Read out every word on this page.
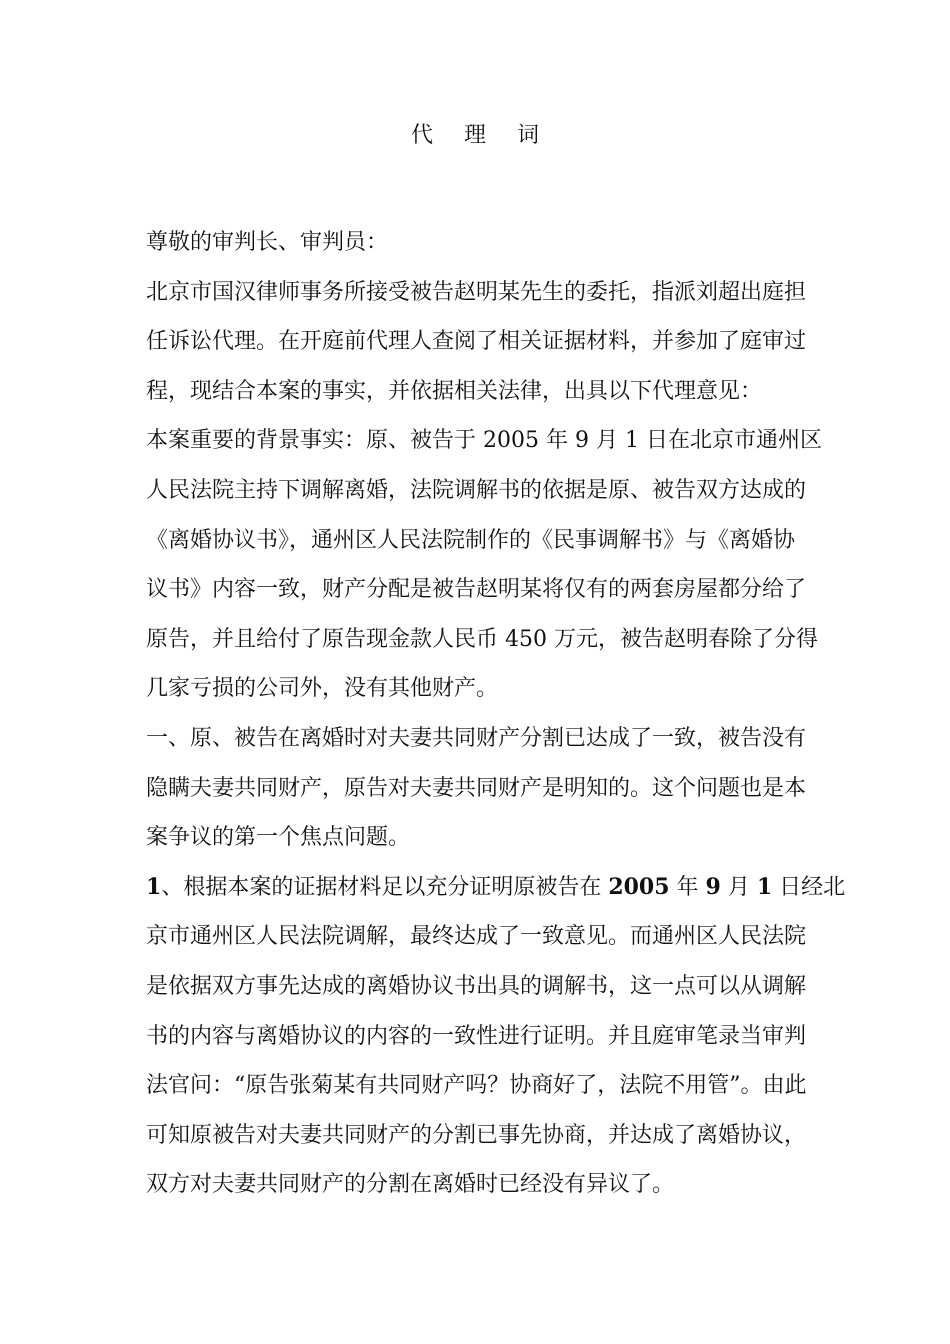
代 理 词

尊敬的审判长、审判员：

北京市国汉律师事务所接受被告赵明某先生的委托，指派刘超出庭担
任诉讼代理。在开庭前代理人查阅了相关证据材料，并参加了庭审过
程，现结合本案的事实，并依据相关法律，出具以下代理意见：

本案重要的背景事实：原、被告于 2005 年 9 月 1 日在北京市通州区
人民法院主持下调解离婚，法院调解书的依据是原、被告双方达成的
《离婚协议书》，通州区人民法院制作的《民事调解书》与《离婚协
议书》内容一致，财产分配是被告赵明某将仅有的两套房屋都分给了
原告，并且给付了原告现金款人民币 450 万元，被告赵明春除了分得
几家亏损的公司外，没有其他财产。

一、原、被告在离婚时对夫妻共同财产分割已达成了一致，被告没有
隐瞒夫妻共同财产，原告对夫妻共同财产是明知的。这个问题也是本
案争议的第一个焦点问题。

1、根据本案的证据材料足以充分证明原被告在 2005 年 9 月 1 日经北
京市通州区人民法院调解，最终达成了一致意见。而通州区人民法院
是依据双方事先达成的离婚协议书出具的调解书，这一点可以从调解
书的内容与离婚协议的内容的一致性进行证明。并且庭审笔录当审判
法官问：“原告张菊某有共同财产吗？协商好了，法院不用管”。由此
可知原被告对夫妻共同财产的分割已事先协商，并达成了离婚协议，
双方对夫妻共同财产的分割在离婚时已经没有异议了。
